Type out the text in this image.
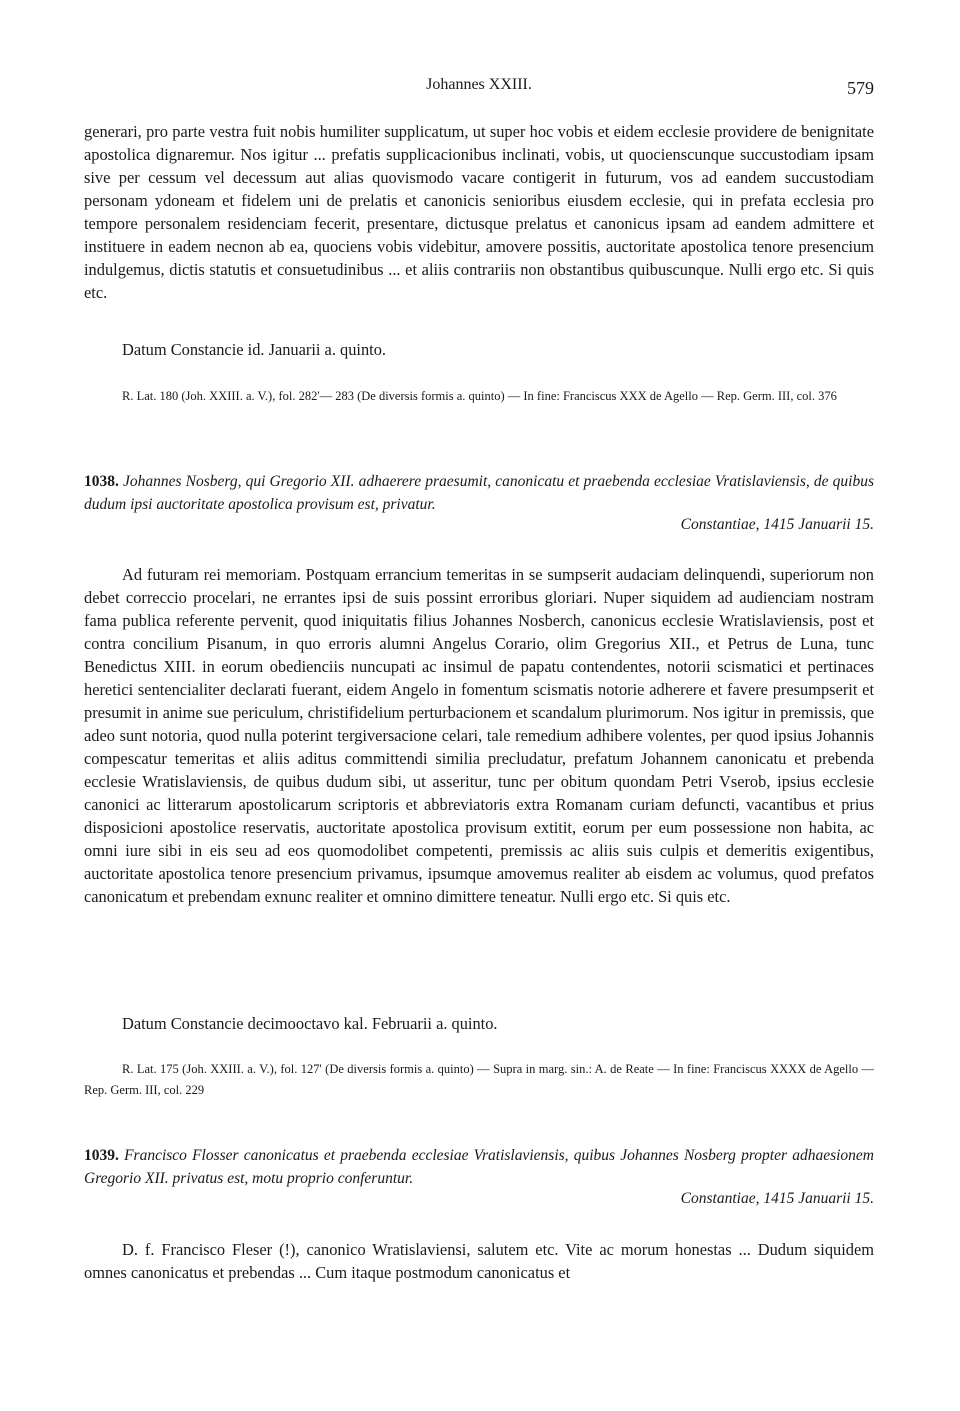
Johannes XXIII.	579

generari, pro parte vestra fuit nobis humiliter supplicatum, ut super hoc vobis et eidem ecclesie providere de benignitate apostolica dignaremur. Nos igitur ... prefatis supplicacionibus inclinati, vobis, ut quocienscunque succustodiam ipsam sive per cessum vel decessum aut alias quovismodo vacare contigerit in futurum, vos ad eandem succustodiam personam ydoneam et fidelem uni de prelatis et canonicis senioribus eiusdem ecclesie, qui in prefata ecclesia pro tempore personalem residenciam fecerit, presentare, dictusque prelatus et canonicus ipsam ad eandem admittere et instituere in eadem necnon ab ea, quociens vobis videbitur, amovere possitis, auctoritate apostolica tenore presencium indulgemus, dictis statutis et consuetudinibus ... et aliis contrariis non obstantibus quibuscunque. Nulli ergo etc. Si quis etc.

Datum Constancie id. Januarii a. quinto.

R. Lat. 180 (Joh. XXIII. a. V.), fol. 282'— 283 (De diversis formis a. quinto) — In fine: Franciscus XXX de Agello — Rep. Germ. III, col. 376

1038. Johannes Nosberg, qui Gregorio XII. adhaerere praesumit, canonicatu et praebenda ecclesiae Vratislaviensis, de quibus dudum ipsi auctoritate apostolica provisum est, privatur.

Constantiae, 1415 Januarii 15.

Ad futuram rei memoriam. Postquam errancium temeritas in se sumpserit audaciam delinquendi, superiorum non debet correccio procelari, ne errantes ipsi de suis possint erroribus gloriari. Nuper siquidem ad audienciam nostram fama publica referente pervenit, quod iniquitatis filius Johannes Nosberch, canonicus ecclesie Wratislaviensis, post et contra concilium Pisanum, in quo erroris alumni Angelus Corario, olim Gregorius XII., et Petrus de Luna, tunc Benedictus XIII. in eorum obedienciis nuncupati ac insimul de papatu contendentes, notorii scismatici et pertinaces heretici sentencialiter declarati fuerant, eidem Angelo in fomentum scismatis notorie adherere et favere presumpserit et presumit in anime sue periculum, christifidelium perturbacionem et scandalum plurimorum. Nos igitur in premissis, que adeo sunt notoria, quod nulla poterint tergiversacione celari, tale remedium adhibere volentes, per quod ipsius Johannis compescatur temeritas et aliis aditus committendi similia precludatur, prefatum Johannem canonicatu et prebenda ecclesie Wratislaviensis, de quibus dudum sibi, ut asseritur, tunc per obitum quondam Petri Vserob, ipsius ecclesie canonici ac litterarum apostolicarum scriptoris et abbreviatoris extra Romanam curiam defuncti, vacantibus et prius disposicioni apostolice reservatis, auctoritate apostolica provisum extitit, eorum per eum possessione non habita, ac omni iure sibi in eis seu ad eos quomodolibet competenti, premissis ac aliis suis culpis et demeritis exigentibus, auctoritate apostolica tenore presencium privamus, ipsumque amovemus realiter ab eisdem ac volumus, quod prefatos canonicatum et prebendam exnunc realiter et omnino dimittere teneatur. Nulli ergo etc. Si quis etc.

Datum Constancie decimooctavo kal. Februarii a. quinto.

R. Lat. 175 (Joh. XXIII. a. V.), fol. 127' (De diversis formis a. quinto) — Supra in marg. sin.: A. de Reate — In fine: Franciscus XXXX de Agello — Rep. Germ. III, col. 229

1039. Francisco Flosser canonicatus et praebenda ecclesiae Vratislaviensis, quibus Johannes Nosberg propter adhaesionem Gregorio XII. privatus est, motu proprio conferuntur.

Constantiae, 1415 Januarii 15.

D. f. Francisco Fleser (!), canonico Wratislaviensi, salutem etc. Vite ac morum honestas ... Dudum siquidem omnes canonicatus et prebendas ... Cum itaque postmodum canonicatus et
